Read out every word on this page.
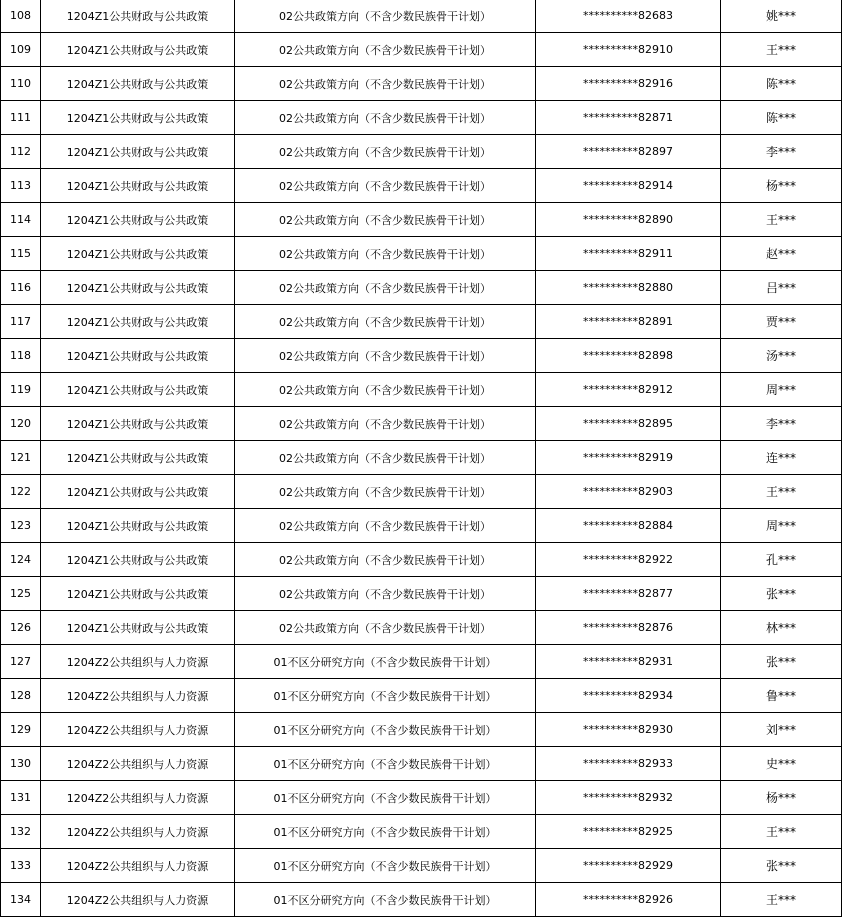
108	1204Z1公共财政与公共政策	02公共政策方向（不含少数民族骨干计划）	**********82683	姚***
109	1204Z1公共财政与公共政策	02公共政策方向（不含少数民族骨干计划）	**********82910	王***
110	1204Z1公共财政与公共政策	02公共政策方向（不含少数民族骨干计划）	**********82916	陈***
111	1204Z1公共财政与公共政策	02公共政策方向（不含少数民族骨干计划）	**********82871	陈***
112	1204Z1公共财政与公共政策	02公共政策方向（不含少数民族骨干计划）	**********82897	李***
113	1204Z1公共财政与公共政策	02公共政策方向（不含少数民族骨干计划）	**********82914	杨***
114	1204Z1公共财政与公共政策	02公共政策方向（不含少数民族骨干计划）	**********82890	王***
115	1204Z1公共财政与公共政策	02公共政策方向（不含少数民族骨干计划）	**********82911	赵***
116	1204Z1公共财政与公共政策	02公共政策方向（不含少数民族骨干计划）	**********82880	吕***
117	1204Z1公共财政与公共政策	02公共政策方向（不含少数民族骨干计划）	**********82891	贾***
118	1204Z1公共财政与公共政策	02公共政策方向（不含少数民族骨干计划）	**********82898	汤***
119	1204Z1公共财政与公共政策	02公共政策方向（不含少数民族骨干计划）	**********82912	周***
120	1204Z1公共财政与公共政策	02公共政策方向（不含少数民族骨干计划）	**********82895	李***
121	1204Z1公共财政与公共政策	02公共政策方向（不含少数民族骨干计划）	**********82919	连***
122	1204Z1公共财政与公共政策	02公共政策方向（不含少数民族骨干计划）	**********82903	王***
123	1204Z1公共财政与公共政策	02公共政策方向（不含少数民族骨干计划）	**********82884	周***
124	1204Z1公共财政与公共政策	02公共政策方向（不含少数民族骨干计划）	**********82922	孔***
125	1204Z1公共财政与公共政策	02公共政策方向（不含少数民族骨干计划）	**********82877	张***
126	1204Z1公共财政与公共政策	02公共政策方向（不含少数民族骨干计划）	**********82876	林***
127	1204Z2公共组织与人力资源	01不区分研究方向（不含少数民族骨干计划）	**********82931	张***
128	1204Z2公共组织与人力资源	01不区分研究方向（不含少数民族骨干计划）	**********82934	鲁***
129	1204Z2公共组织与人力资源	01不区分研究方向（不含少数民族骨干计划）	**********82930	刘***
130	1204Z2公共组织与人力资源	01不区分研究方向（不含少数民族骨干计划）	**********82933	史***
131	1204Z2公共组织与人力资源	01不区分研究方向（不含少数民族骨干计划）	**********82932	杨***
132	1204Z2公共组织与人力资源	01不区分研究方向（不含少数民族骨干计划）	**********82925	王***
133	1204Z2公共组织与人力资源	01不区分研究方向（不含少数民族骨干计划）	**********82929	张***
134	1204Z2公共组织与人力资源	01不区分研究方向（不含少数民族骨干计划）	**********82926	王***
